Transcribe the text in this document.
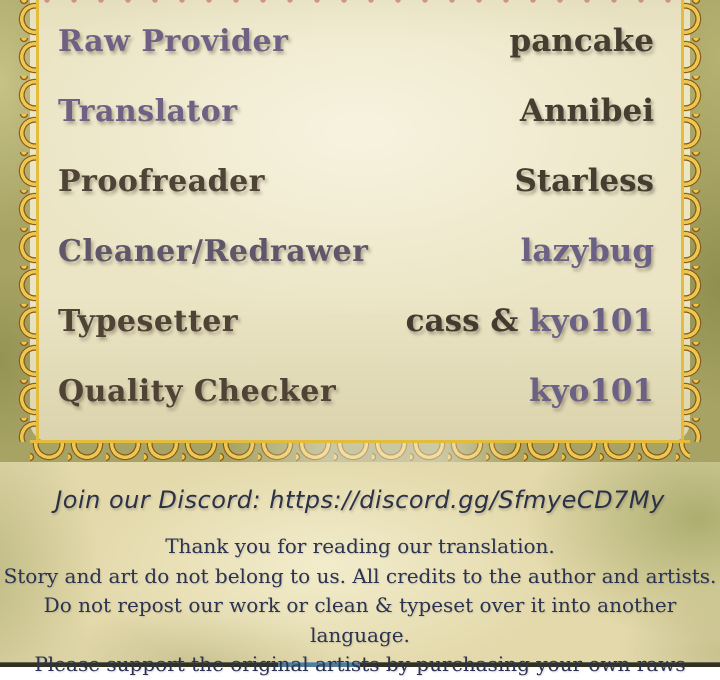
Raw Provider	pancake
Translator	Annibei
Proofreader	Starless
Cleaner/Redrawer	lazybug
Typesetter	cass & kyo101
Quality Checker	kyo101
Join our Discord: https://discord.gg/SfmyeCD7My
Thank you for reading our translation.
Story and art do not belong to us. All credits to the author and artists.
Do not repost our work or clean & typeset over it into another language.
Please support the original artists by purchasing your own raws
